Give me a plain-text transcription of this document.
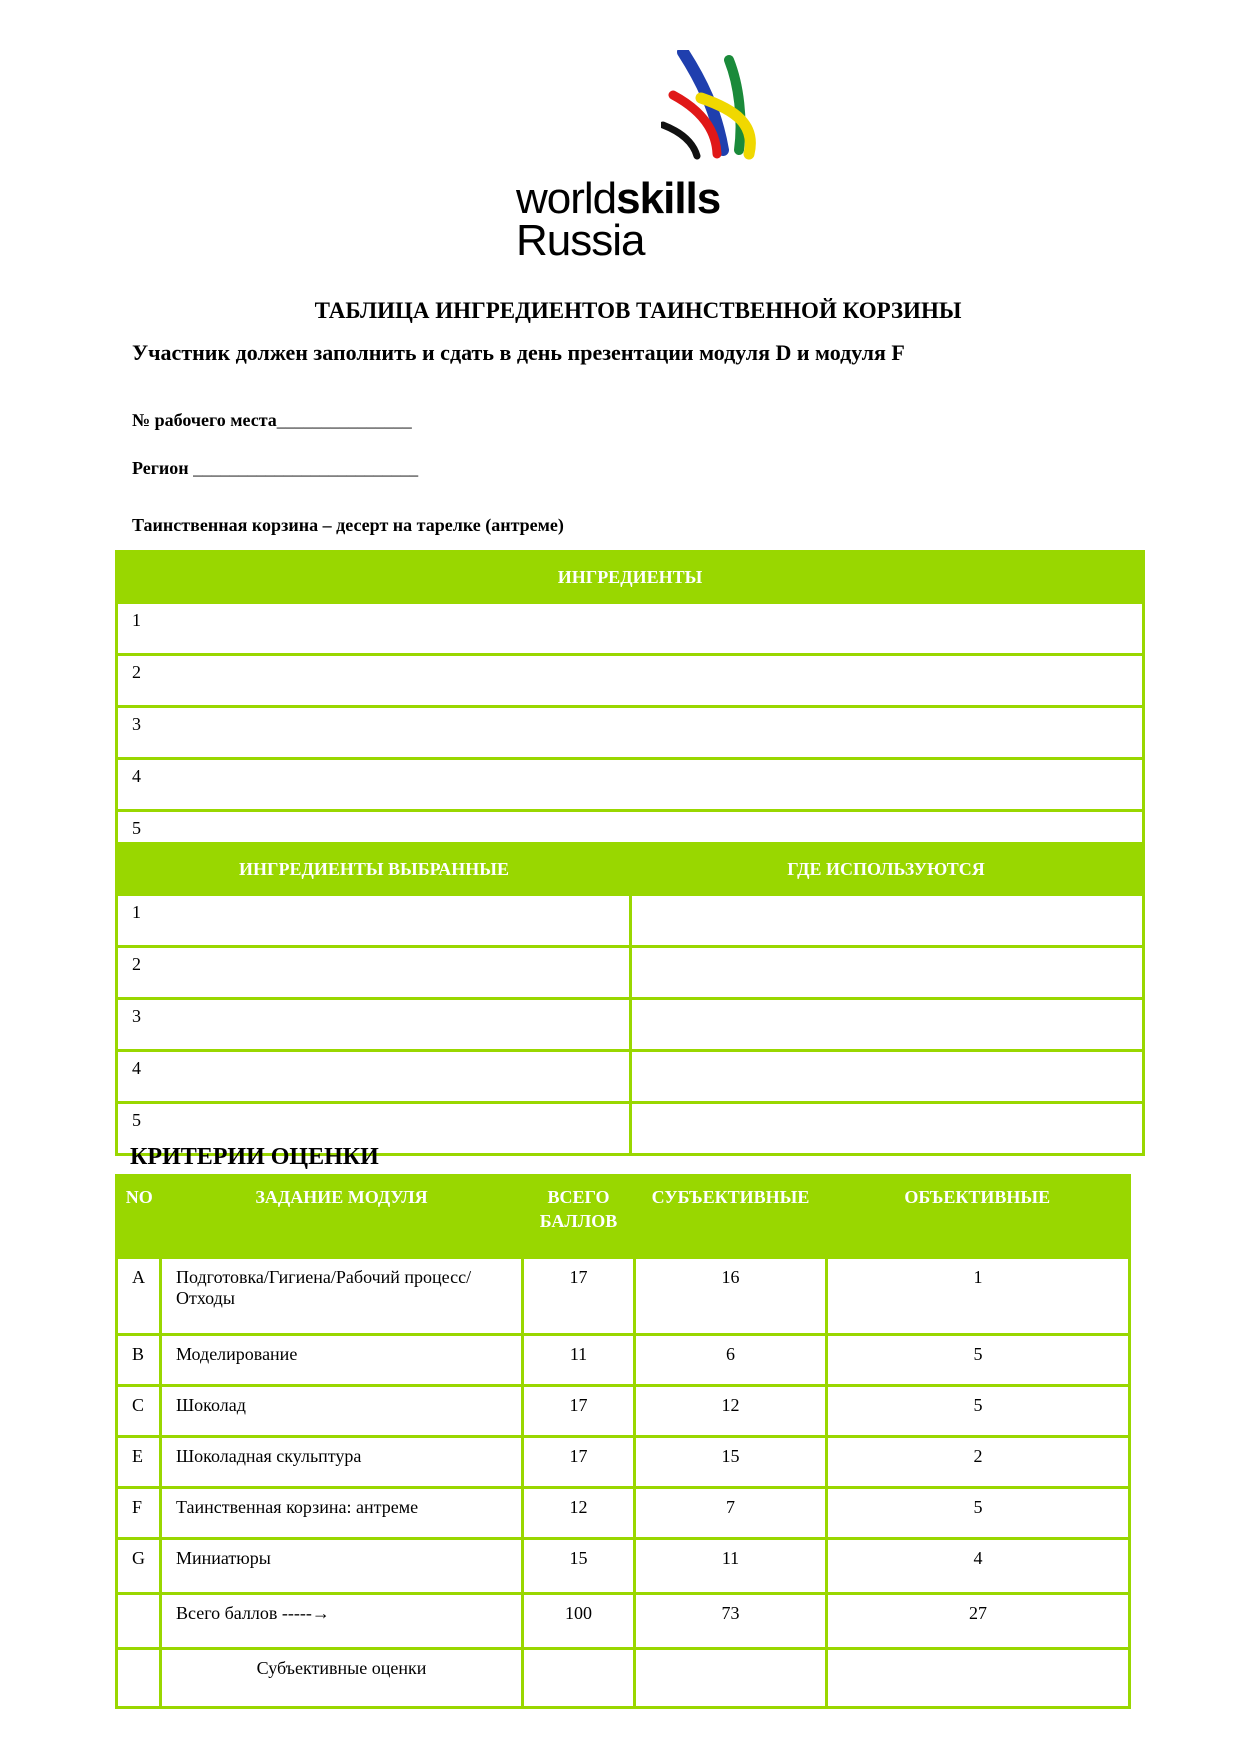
worldskills
Russia
ТАБЛИЦА ИНГРЕДИЕНТОВ ТАИНСТВЕННОЙ КОРЗИНЫ
Участник должен заполнить и сдать в день презентации модуля D и модуля F
№ рабочего места_______________
Регион _________________________
Таинственная корзина – десерт на тарелке (антреме)
ИНГРЕДИЕНТЫ
1
2
3
4
5
ИНГРЕДИЕНТЫ ВЫБРАННЫЕ	ГДЕ ИСПОЛЬЗУЮТСЯ
1	
2	
3	
4	
5	
КРИТЕРИИ ОЦЕНКИ
NO	ЗАДАНИЕ МОДУЛЯ	ВСЕГО БАЛЛОВ	СУБЪЕКТИВНЫЕ	ОБЪЕКТИВНЫЕ
A	Подготовка/Гигиена/Рабочий процесс/Отходы	17	16	1
B	Моделирование	11	6	5
C	Шоколад	17	12	5
E	Шоколадная скульптура	17	15	2
F	Таинственная корзина: антреме	12	7	5
G	Миниатюры	15	11	4
	Всего баллов -----→	100	73	27
	Субъективные оценки			
